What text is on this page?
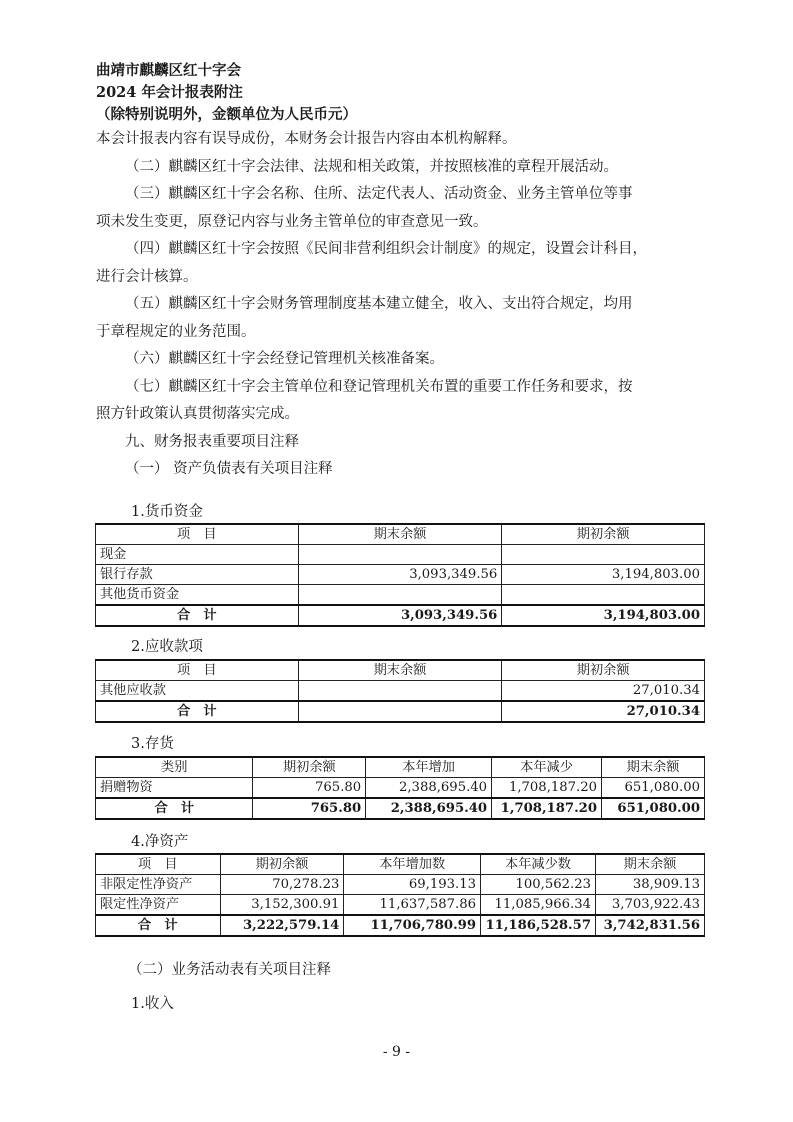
曲靖市麒麟区红十字会
2024 年会计报表附注
（除特别说明外，金额单位为人民币元）

本会计报表内容有误导成份，本财务会计报告内容由本机构解释。

（二）麒麟区红十字会法律、法规和相关政策，并按照核准的章程开展活动。

（三）麒麟区红十字会名称、住所、法定代表人、活动资金、业务主管单位等事

项未发生变更，原登记内容与业务主管单位的审查意见一致。

（四）麒麟区红十字会按照《民间非营利组织会计制度》的规定，设置会计科目，

进行会计核算。

（五）麒麟区红十字会财务管理制度基本建立健全，收入、支出符合规定，均用

于章程规定的业务范围。

（六）麒麟区红十字会经登记管理机关核准备案。

（七）麒麟区红十字会主管单位和登记管理机关布置的重要工作任务和要求，按

照方针政策认真贯彻落实完成。

九、财务报表重要项目注释

（一） 资产负债表有关项目注释

1.货币资金
项　目	期末余额	期初余额
现金		
银行存款	3,093,349.56	3,194,803.00
其他货币资金		
合　计	3,093,349.56	3,194,803.00
2.应收款项
项　目	期末余额	期初余额
其他应收款		27,010.34
合　计		27,010.34
3.存货
类别	期初余额	本年增加	本年减少	期末余额
捐赠物资	765.80	2,388,695.40	1,708,187.20	651,080.00
合　计	765.80	2,388,695.40	1,708,187.20	651,080.00
4.净资产
项　目	期初余额	本年增加数	本年减少数	期末余额
非限定性净资产	70,278.23	69,193.13	100,562.23	38,909.13
限定性净资产	3,152,300.91	11,637,587.86	11,085,966.34	3,703,922.43
合　计	3,222,579.14	11,706,780.99	11,186,528.57	3,742,831.56
（二）业务活动表有关项目注释
1.收入
- 9 -
